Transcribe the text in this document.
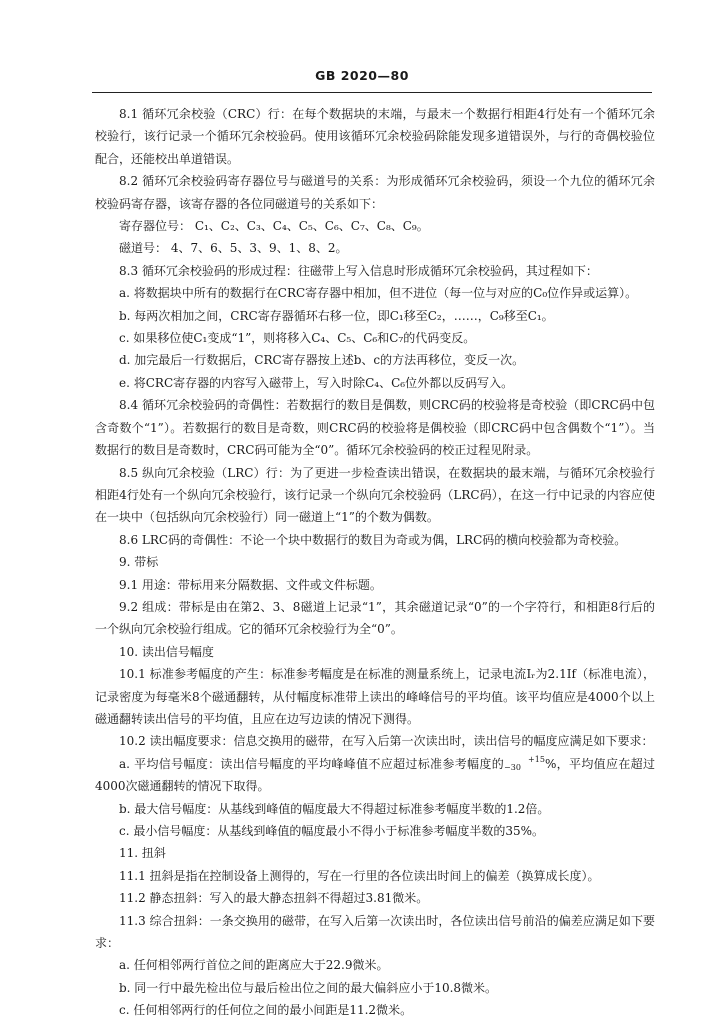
GB 2020—80

8.1 循环冗余校验（CRC）行：在每个数据块的末端，与最末一个数据行相距4行处有一个循环冗余校验行，该行记录一个循环冗余校验码。使用该循环冗余校验码除能发现多道错误外，与行的奇偶校验位配合，还能校出单道错误。

8.2 循环冗余校验码寄存器位号与磁道号的关系：为形成循环冗余校验码，须设一个九位的循环冗余校验码寄存器，该寄存器的各位同磁道号的关系如下：

寄存器位号： C₁、C₂、C₃、C₄、C₅、C₆、C₇、C₈、C₉。

磁道号： 4、7、6、5、3、9、1、8、2。

8.3 循环冗余校验码的形成过程：往磁带上写入信息时形成循环冗余校验码，其过程如下：

a. 将数据块中所有的数据行在CRC寄存器中相加，但不进位（每一位与对应的C₀位作异或运算）。

b. 每两次相加之间，CRC寄存器循环右移一位，即C₁移至C₂，……，C₉移至C₁。

c. 如果移位使C₁变成“1”，则将移入C₄、C₅、C₆和C₇的代码变反。

d. 加完最后一行数据后，CRC寄存器按上述b、c的方法再移位，变反一次。

e. 将CRC寄存器的内容写入磁带上，写入时除C₄、C₆位外都以反码写入。

8.4 循环冗余校验码的奇偶性：若数据行的数目是偶数，则CRC码的校验将是奇校验（即CRC码中包含奇数个“1”）。若数据行的数目是奇数，则CRC码的校验将是偶校验（即CRC码中包含偶数个“1”）。当数据行的数目是奇数时，CRC码可能为全“0”。循环冗余校验码的校正过程见附录。

8.5 纵向冗余校验（LRC）行：为了更进一步检查读出错误，在数据块的最末端，与循环冗余校验行相距4行处有一个纵向冗余校验行，该行记录一个纵向冗余校验码（LRC码），在这一行中记录的内容应使在一块中（包括纵向冗余校验行）同一磁道上“1”的个数为偶数。

8.6 LRC码的奇偶性：不论一个块中数据行的数目为奇或为偶，LRC码的横向校验都为奇校验。

9. 带标

9.1 用途：带标用来分隔数据、文件或文件标题。

9.2 组成：带标是由在第2、3、8磁道上记录“1”，其余磁道记录“0”的一个字符行，和相距8行后的一个纵向冗余校验行组成。它的循环冗余校验行为全“0”。

10. 读出信号幅度

10.1 标准参考幅度的产生：标准参考幅度是在标准的测量系统上，记录电流Iᵣ为2.1If（标准电流），记录密度为每毫米8个磁通翻转，从付幅度标准带上读出的峰峰信号的平均值。该平均值应是4000个以上磁通翻转读出信号的平均值，且应在边写边读的情况下测得。

10.2 读出幅度要求：信息交换用的磁带，在写入后第一次读出时，读出信号的幅度应满足如下要求：

a. 平均信号幅度：读出信号幅度的平均峰峰值不应超过标准参考幅度的	+15
−30 %，平均值应在超过4000次磁通翻转的情况下取得。

b. 最大信号幅度：从基线到峰值的幅度最大不得超过标准参考幅度半数的1.2倍。

c. 最小信号幅度：从基线到峰值的幅度最小不得小于标准参考幅度半数的35%。

11. 扭斜

11.1 扭斜是指在控制设备上测得的，写在一行里的各位读出时间上的偏差（换算成长度）。

11.2 静态扭斜：写入的最大静态扭斜不得超过3.81微米。

11.3 综合扭斜：一条交换用的磁带，在写入后第一次读出时，各位读出信号前沿的偏差应满足如下要求：

a. 任何相邻两行首位之间的距离应大于22.9微米。

b. 同一行中最先检出位与最后检出位之间的最大偏斜应小于10.8微米。

c. 任何相邻两行的任何位之间的最小间距是11.2微米。
